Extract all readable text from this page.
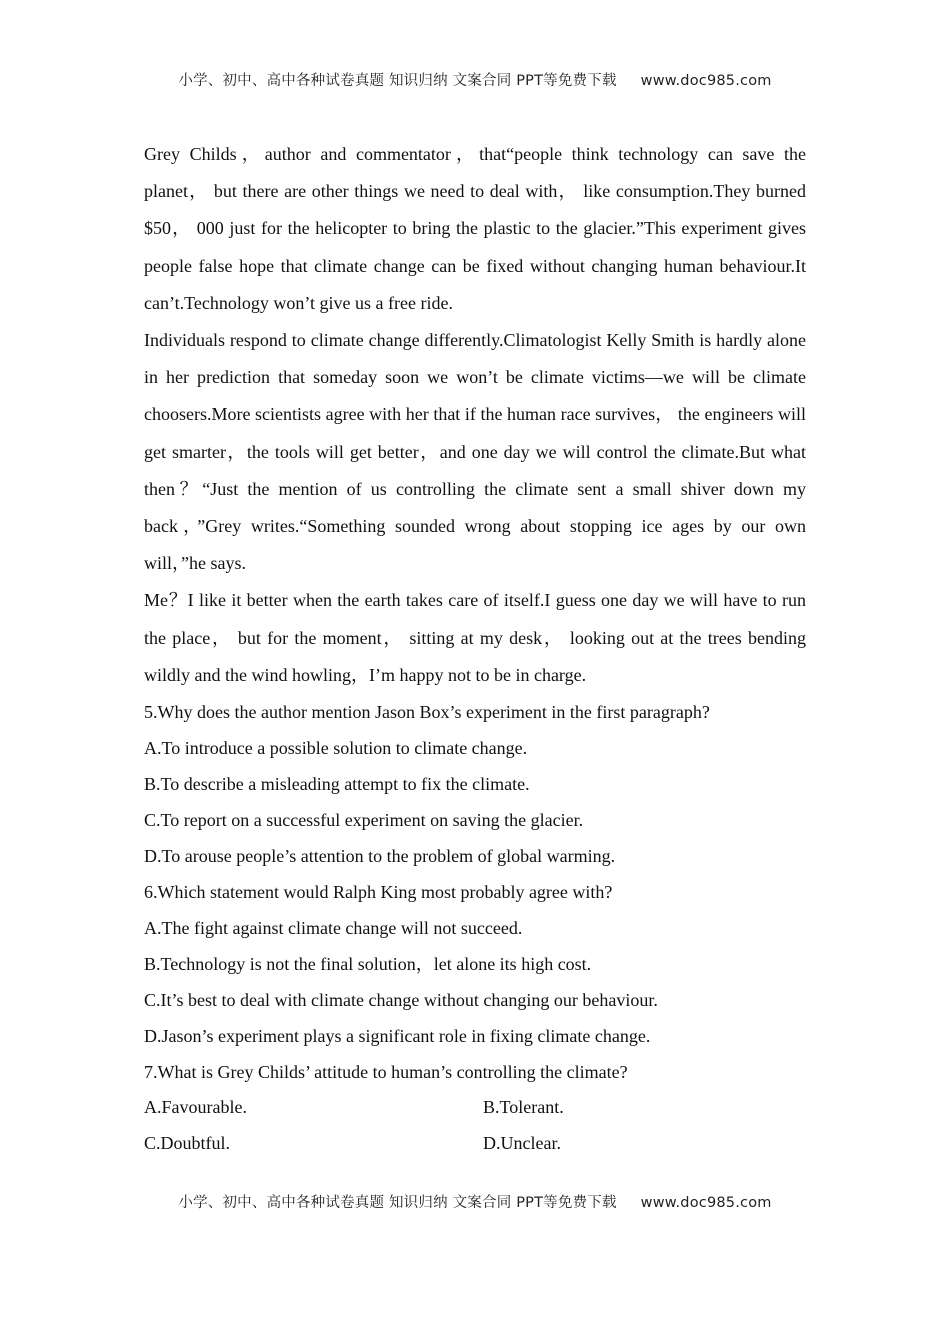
小学、初中、高中各种试卷真题 知识归纳 文案合同 PPT等免费下载 www.doc985.com

Grey Childs，author and commentator，that“people think technology can save the planet， but there are other things we need to deal with， like consumption.They burned $50， 000 just for the helicopter to bring the plastic to the glacier.”This experiment gives people false hope that climate change can be fixed without changing human behaviour.It can’t.Technology won’t give us a free ride.

Individuals respond to climate change differently.Climatologist Kelly Smith is hardly alone in her prediction that someday soon we won’t be climate victims—we will be climate choosers.More scientists agree with her that if the human race survives， the engineers will get smarter，the tools will get better，and one day we will control the climate.But what then？“Just the mention of us controlling the climate sent a small shiver down my back，”Grey writes.“Something sounded wrong about stopping ice ages by our own will，”he says.

Me？I like it better when the earth takes care of itself.I guess one day we will have to run the place， but for the moment， sitting at my desk， looking out at the trees bending wildly and the wind howling，I’m happy not to be in charge.

5.Why does the author mention Jason Box’s experiment in the first paragraph?

A.To introduce a possible solution to climate change.

B.To describe a misleading attempt to fix the climate.

C.To report on a successful experiment on saving the glacier.

D.To arouse people’s attention to the problem of global warming.

6.Which statement would Ralph King most probably agree with?

A.The fight against climate change will not succeed.

B.Technology is not the final solution，let alone its high cost.

C.It’s best to deal with climate change without changing our behaviour.

D.Jason’s experiment plays a significant role in fixing climate change.

7.What is Grey Childs’ attitude to human’s controlling the climate?

A.Favourable.	B.Tolerant.
C.Doubtful.	D.Unclear.
小学、初中、高中各种试卷真题 知识归纳 文案合同 PPT等免费下载 www.doc985.com
